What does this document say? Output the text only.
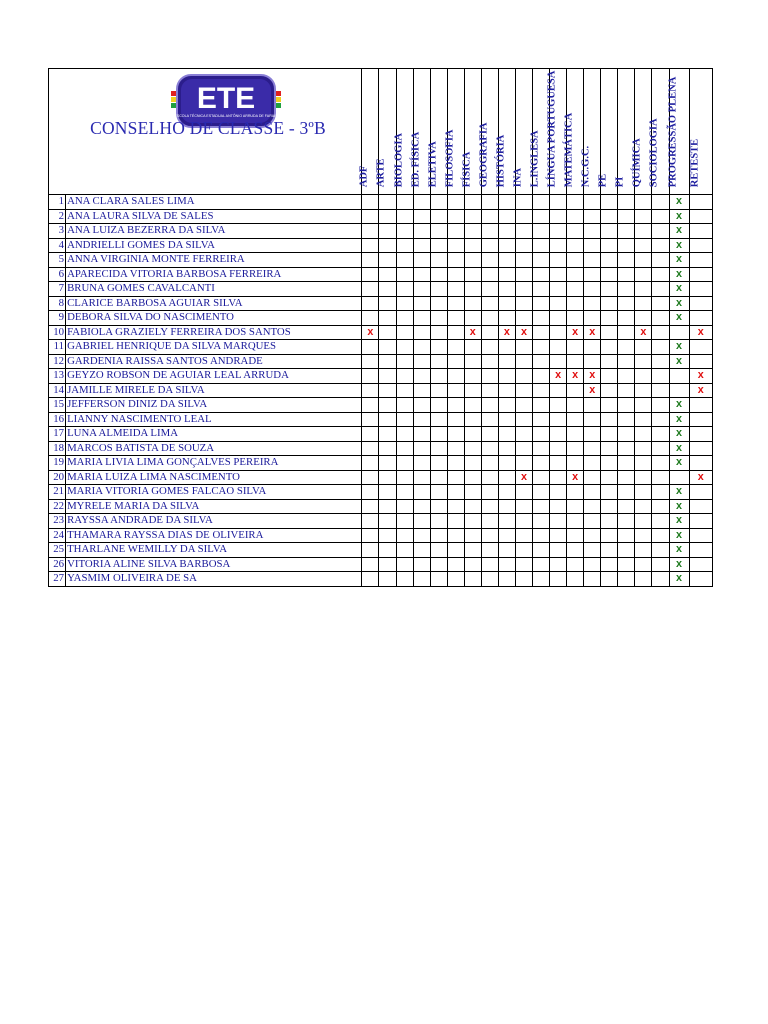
ETE
ESCOLA TÉCNICA ESTADUAL ANTÔNIO ARRUDA DE FARIAS
CONSELHO DE CLASSE - 3ºB		ADF	ARTE	BIOLOGIA	ED. FÍSICA	ELETIVA	FILOSOFIA	FÍSICA	GEOGRAFIA	HISTÓRIA	INA	L.INGLESA	LÍNGUA PORTUGUESA	MATEMÁTICA	N.C.G.C.	PE	PI	QUÍMICA	SOCIOLOGIA	PROGRESSÃO PLENA	RETESTE

1	ANA CLARA SALES LIMA																			x	
2	ANA LAURA SILVA DE SALES																			x	
3	ANA LUIZA BEZERRA DA SILVA																			x	
4	ANDRIELLI GOMES DA SILVA																			x	
5	ANNA VIRGINIA MONTE FERREIRA																			x	
6	APARECIDA VITORIA BARBOSA FERREIRA																			x	
7	BRUNA GOMES CAVALCANTI																			x	
8	CLARICE BARBOSA AGUIAR SILVA																			x	
9	DEBORA SILVA DO NASCIMENTO																			x	
10	FABIOLA GRAZIELY FERREIRA DOS SANTOS	x						x		x	x			x	x			x			x
11	GABRIEL HENRIQUE DA SILVA MARQUES																			x	
12	GARDENIA RAISSA SANTOS ANDRADE																			x	
13	GEYZO ROBSON DE AGUIAR LEAL ARRUDA												x	x	x						x
14	JAMILLE MIRELE DA SILVA														x						x
15	JEFFERSON DINIZ DA SILVA																			x	
16	LIANNY NASCIMENTO LEAL																			x	
17	LUNA ALMEIDA LIMA																			x	
18	MARCOS BATISTA DE SOUZA																			x	
19	MARIA LIVIA LIMA GONÇALVES PEREIRA																			x	
20	MARIA LUIZA LIMA NASCIMENTO										x			x							x
21	MARIA VITORIA GOMES FALCAO SILVA																			x	
22	MYRELE MARIA DA SILVA																			x	
23	RAYSSA ANDRADE DA SILVA																			x	
24	THAMARA RAYSSA DIAS DE OLIVEIRA																			x	
25	THARLANE WEMILLY DA SILVA																			x	
26	VITORIA ALINE SILVA BARBOSA																			x	
27	YASMIM OLIVEIRA DE SA																			x	
